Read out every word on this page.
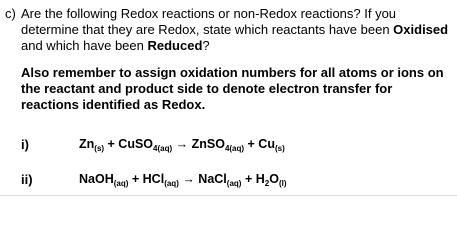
c) Are the following Redox reactions or non-Redox reactions? If you determine that they are Redox, state which reactants have been Oxidised and which have been Reduced?
Also remember to assign oxidation numbers for all atoms or ions on the reactant and product side to denote electron transfer for reactions identified as Redox.
i)	$Zn_{(s)}$ + CuSO$_{4(aq)}$ → ZnSO$_{4(aq)}$ + $Cu_{(s)}$
ii)	NaOH$_{(aq)}$ + HCl$_{(aq)}$ → NaCl$_{(aq)}$ + $H_2O_{(l)}$
